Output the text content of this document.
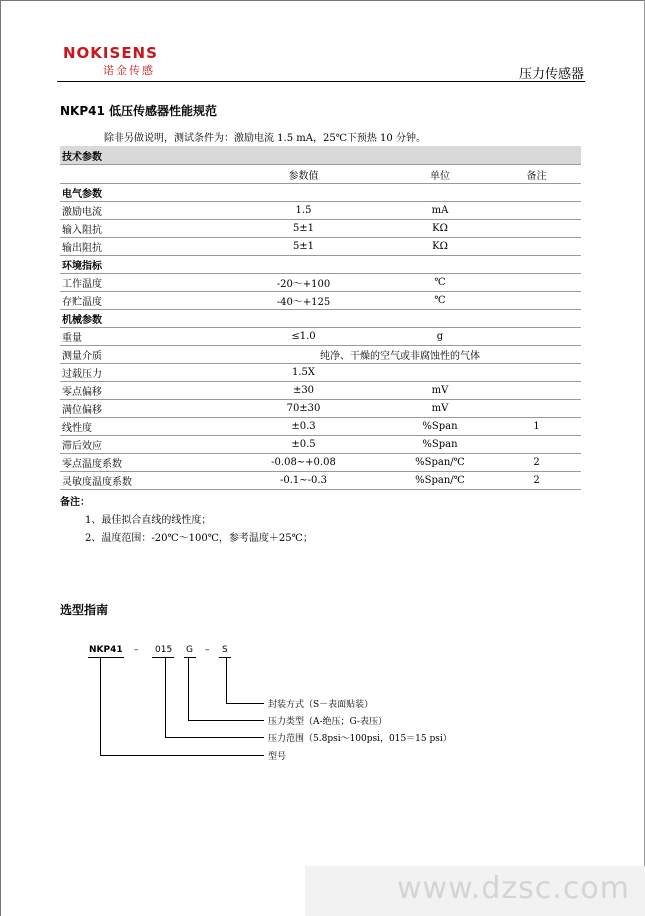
NOKISENS
诺金传感	压力传感器
NKP41 低压传感器性能规范
除非另做说明，测试条件为：激励电流 1.5 mA，25℃下预热 10 分钟。
技术参数			
	参数值	单位	备注
电气参数			
激励电流	1.5	mA	
输入阻抗	5±1	KΩ	
输出阻抗	5±1	KΩ	
环境指标			
工作温度	-20～+100	℃	
存贮温度	-40～+125	℃	
机械参数			
重量	≤1.0	g	
测量介质	纯净、干燥的空气或非腐蚀性的气体		
过载压力	1.5X		
零点偏移	±30	mV	
满位偏移	70±30	mV	
线性度	±0.3	%Span	1
滞后效应	±0.5	%Span	
零点温度系数	-0.08~+0.08	%Span/℃	2
灵敏度温度系数	-0.1~-0.3	%Span/℃	2
备注：
1、最佳拟合直线的线性度；
2、温度范围：-20℃～100℃，参考温度＋25℃；
选型指南
NKP41 – 015 G – S
封装方式（S－表面贴装）
压力类型（A-绝压；G-表压）
压力范围（5.8psi～100psi，015＝15 psi）
型号
www.dzsc.com
